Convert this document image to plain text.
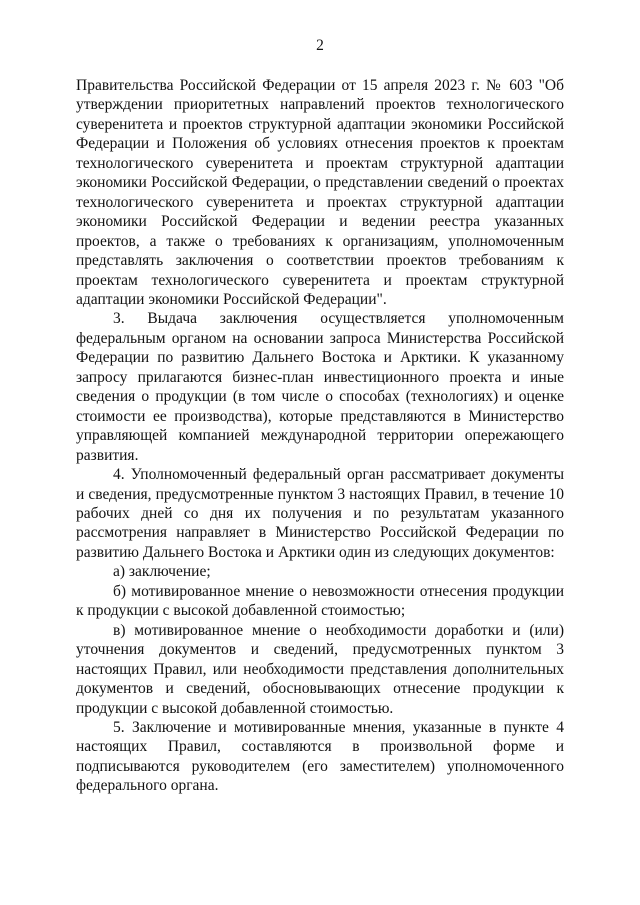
2

Правительства Российской Федерации от 15 апреля 2023 г. № 603 "Об утверждении приоритетных направлений проектов технологического суверенитета и проектов структурной адаптации экономики Российской Федерации и Положения об условиях отнесения проектов к проектам технологического суверенитета и проектам структурной адаптации экономики Российской Федерации, о представлении сведений о проектах технологического суверенитета и проектах структурной адаптации экономики Российской Федерации и ведении реестра указанных проектов, а также о требованиях к организациям, уполномоченным представлять заключения о соответствии проектов требованиям к проектам технологического суверенитета и проектам структурной адаптации экономики Российской Федерации".

3. Выдача заключения осуществляется уполномоченным федеральным органом на основании запроса Министерства Российской Федерации по развитию Дальнего Востока и Арктики. К указанному запросу прилагаются бизнес-план инвестиционного проекта и иные сведения о продукции (в том числе о способах (технологиях) и оценке стоимости ее производства), которые представляются в Министерство управляющей компанией международной территории опережающего развития.

4. Уполномоченный федеральный орган рассматривает документы и сведения, предусмотренные пунктом 3 настоящих Правил, в течение 10 рабочих дней со дня их получения и по результатам указанного рассмотрения направляет в Министерство Российской Федерации по развитию Дальнего Востока и Арктики один из следующих документов:

а) заключение;

б) мотивированное мнение о невозможности отнесения продукции к продукции с высокой добавленной стоимостью;

в) мотивированное мнение о необходимости доработки и (или) уточнения документов и сведений, предусмотренных пунктом 3 настоящих Правил, или необходимости представления дополнительных документов и сведений, обосновывающих отнесение продукции к продукции с высокой добавленной стоимостью.

5. Заключение и мотивированные мнения, указанные в пункте 4 настоящих Правил, составляются в произвольной форме и подписываются руководителем (его заместителем) уполномоченного федерального органа.
